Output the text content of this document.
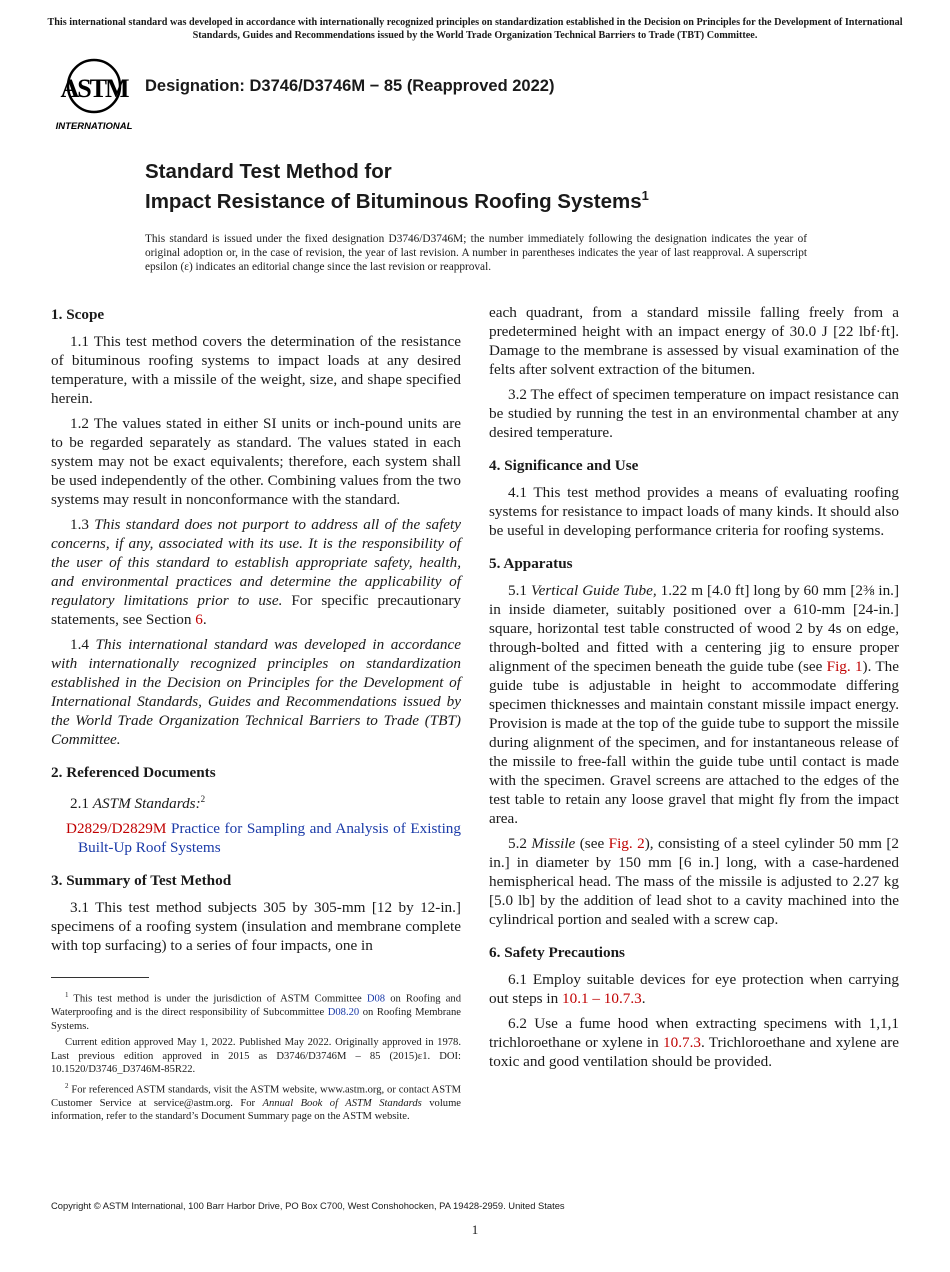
This international standard was developed in accordance with internationally recognized principles on standardization established in the Decision on Principles for the Development of International Standards, Guides and Recommendations issued by the World Trade Organization Technical Barriers to Trade (TBT) Committee.
ASTM
INTERNATIONAL
Designation: D3746/D3746M − 85 (Reapproved 2022)
Standard Test Method for
Impact Resistance of Bituminous Roofing Systems$^1$
This standard is issued under the fixed designation D3746/D3746M; the number immediately following the designation indicates the year of original adoption or, in the case of revision, the year of last revision. A number in parentheses indicates the year of last reapproval. A superscript epsilon (ε) indicates an editorial change since the last revision or reapproval.
1. Scope

1.1 This test method covers the determination of the resistance of bituminous roofing systems to impact loads at any desired temperature, with a missile of the weight, size, and shape specified herein.

1.2 The values stated in either SI units or inch-pound units are to be regarded separately as standard. The values stated in each system may not be exact equivalents; therefore, each system shall be used independently of the other. Combining values from the two systems may result in nonconformance with the standard.

1.3 This standard does not purport to address all of the safety concerns, if any, associated with its use. It is the responsibility of the user of this standard to establish appropriate safety, health, and environmental practices and determine the applicability of regulatory limitations prior to use. For specific precautionary statements, see Section 6.

1.4 This international standard was developed in accordance with internationally recognized principles on standardization established in the Decision on Principles for the Development of International Standards, Guides and Recommendations issued by the World Trade Organization Technical Barriers to Trade (TBT) Committee.

2. Referenced Documents

2.1 ASTM Standards:$^2$

D2829/D2829M Practice for Sampling and Analysis of Existing Built-Up Roof Systems

3. Summary of Test Method

3.1 This test method subjects 305 by 305-mm [12 by 12-in.] specimens of a roofing system (insulation and membrane complete with top surfacing) to a series of four impacts, one in

each quadrant, from a standard missile falling freely from a predetermined height with an impact energy of 30.0 J [22 lbf·ft]. Damage to the membrane is assessed by visual examination of the felts after solvent extraction of the bitumen.

3.2 The effect of specimen temperature on impact resistance can be studied by running the test in an environmental chamber at any desired temperature.

4. Significance and Use

4.1 This test method provides a means of evaluating roofing systems for resistance to impact loads of many kinds. It should also be useful in developing performance criteria for roofing systems.

5. Apparatus

5.1 Vertical Guide Tube, 1.22 m [4.0 ft] long by 60 mm [2⅜ in.] in inside diameter, suitably positioned over a 610-mm [24-in.] square, horizontal test table constructed of wood 2 by 4s on edge, through-bolted and fitted with a centering jig to ensure proper alignment of the specimen beneath the guide tube (see Fig. 1). The guide tube is adjustable in height to accommodate differing specimen thicknesses and maintain constant missile impact energy. Provision is made at the top of the guide tube to support the missile during alignment of the specimen, and for instantaneous release of the missile to free-fall within the guide tube until contact is made with the specimen. Gravel screens are attached to the edges of the test table to retain any loose gravel that might fly from the impact area.

5.2 Missile (see Fig. 2), consisting of a steel cylinder 50 mm [2 in.] in diameter by 150 mm [6 in.] long, with a case-hardened hemispherical head. The mass of the missile is adjusted to 2.27 kg [5.0 lb] by the addition of lead shot to a cavity machined into the cylindrical portion and sealed with a screw cap.

6. Safety Precautions

6.1 Employ suitable devices for eye protection when carrying out steps in 10.1 – 10.7.3.

6.2 Use a fume hood when extracting specimens with 1,1,1 trichloroethane or xylene in 10.7.3. Trichloroethane and xylene are toxic and good ventilation should be provided.

$^1$ This test method is under the jurisdiction of ASTM Committee D08 on Roofing and Waterproofing and is the direct responsibility of Subcommittee D08.20 on Roofing Membrane Systems.

Current edition approved May 1, 2022. Published May 2022. Originally approved in 1978. Last previous edition approved in 2015 as D3746/D3746M – 85 (2015)ε1. DOI: 10.1520/D3746_D3746M-85R22.

$^2$ For referenced ASTM standards, visit the ASTM website, www.astm.org, or contact ASTM Customer Service at service@astm.org. For Annual Book of ASTM Standards volume information, refer to the standard’s Document Summary page on the ASTM website.

Copyright © ASTM International, 100 Barr Harbor Drive, PO Box C700, West Conshohocken, PA 19428-2959. United States
1
